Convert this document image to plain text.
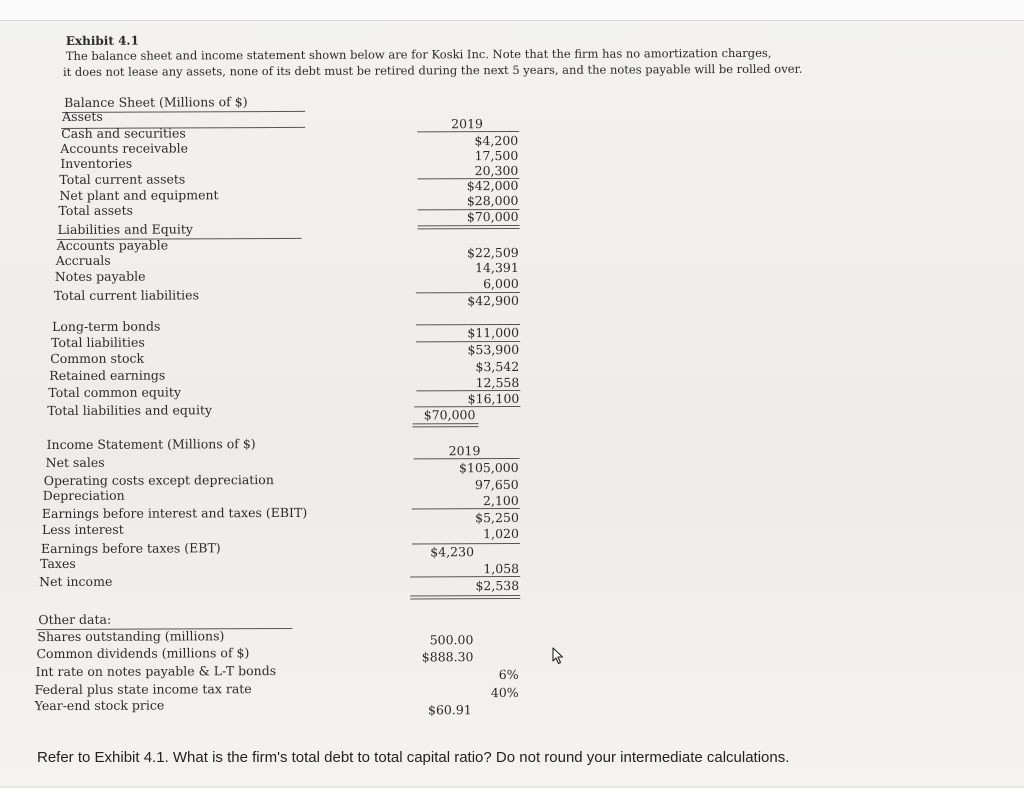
Exhibit 4.1
The balance sheet and income statement shown below are for Koski Inc. Note that the firm has no amortization charges,
it does not lease any assets, none of its debt must be retired during the next 5 years, and the notes payable will be rolled over.
Balance Sheet (Millions of $)
Assets	2019
Cash and securities
Accounts receivable
Inventories
Total current assets
Net plant and equipment
Total assets
$4,200
17,500
20,300
$42,000
$28,000
$70,000
Liabilities and Equity
Accounts payable
Accruals
Notes payable
Total current liabilities
$22,509
14,391
6,000
$42,900
Long-term bonds
Total liabilities
Common stock
Retained earnings
Total common equity
Total liabilities and equity
$11,000
$53,900
$3,542
12,558
$16,100
$70,000
Income Statement (Millions of $)	2019
Net sales
Operating costs except depreciation
Depreciation
Earnings before interest and taxes (EBIT)
Less interest
Earnings before taxes (EBT)
Taxes
Net income
$105,000
97,650
2,100
$5,250
1,020
$4,230
1,058
$2,538
Other data:
Shares outstanding (millions)
Common dividends (millions of $)
Int rate on notes payable & L-T bonds
Federal plus state income tax rate
Year-end stock price
500.00
$888.30
6%
40%
$60.91
Refer to Exhibit 4.1. What is the firm's total debt to total capital ratio? Do not round your intermediate calculations.
